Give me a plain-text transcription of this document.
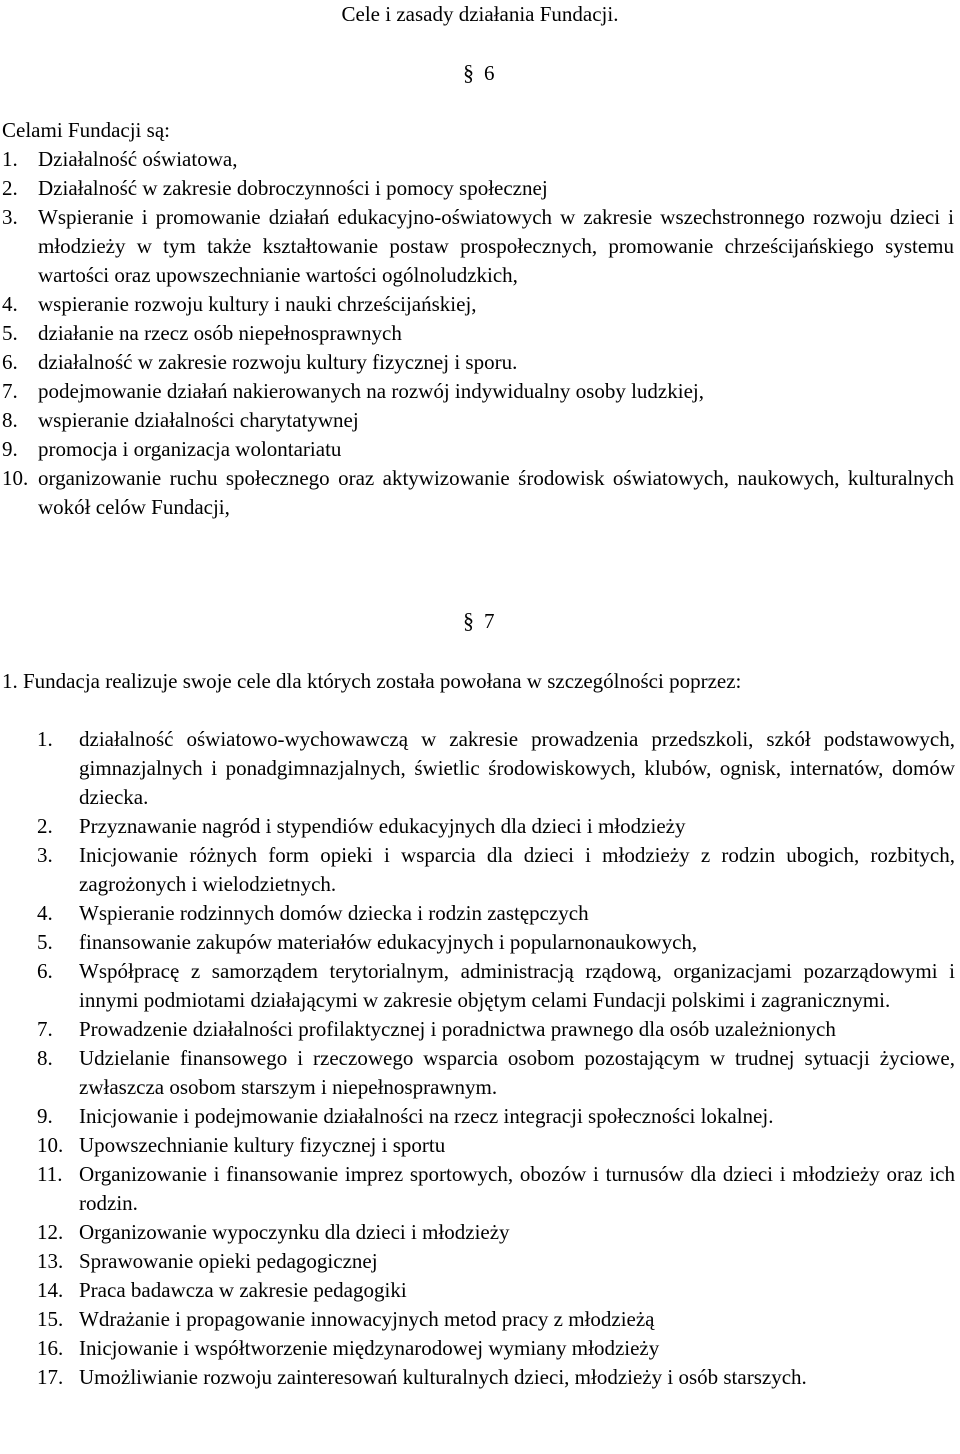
Cele i zasady działania Fundacji.
§ 6

Celami Fundacji są:

1. Działalność oświatowa,
2. Działalność w zakresie dobroczynności i pomocy społecznej
3. Wspieranie i promowanie działań edukacyjno-oświatowych w zakresie wszechstronnego rozwoju dzieci i młodzieży w tym także kształtowanie postaw prospołecznych, promowanie chrześcijańskiego systemu wartości oraz upowszechnianie wartości ogólnoludzkich,
4. wspieranie rozwoju kultury i nauki chrześcijańskiej,
5. działanie na rzecz osób niepełnosprawnych
6. działalność w zakresie rozwoju kultury fizycznej i sporu.
7. podejmowanie działań nakierowanych na rozwój indywidualny osoby ludzkiej,
8. wspieranie działalności charytatywnej
9. promocja i organizacja wolontariatu
10. organizowanie ruchu społecznego oraz aktywizowanie środowisk oświatowych, naukowych, kulturalnych wokół celów Fundacji,
§ 7

1. Fundacja realizuje swoje cele dla których została powołana w szczególności poprzez:

1. działalność oświatowo-wychowawczą w zakresie prowadzenia przedszkoli, szkół podstawowych, gimnazjalnych i ponadgimnazjalnych, świetlic środowiskowych, klubów, ognisk, internatów, domów dziecka.
2. Przyznawanie nagród i stypendiów edukacyjnych dla dzieci i młodzieży
3. Inicjowanie różnych form opieki i wsparcia dla dzieci i młodzieży z rodzin ubogich, rozbitych, zagrożonych i wielodzietnych.
4. Wspieranie rodzinnych domów dziecka i rodzin zastępczych
5. finansowanie zakupów materiałów edukacyjnych i popularnonaukowych,
6. Współpracę z samorządem terytorialnym, administracją rządową, organizacjami pozarządowymi i innymi podmiotami działającymi w zakresie objętym celami Fundacji polskimi i zagranicznymi.
7. Prowadzenie działalności profilaktycznej i poradnictwa prawnego dla osób uzależnionych
8. Udzielanie finansowego i rzeczowego wsparcia osobom pozostającym w trudnej sytuacji życiowe, zwłaszcza osobom starszym i niepełnosprawnym.
9. Inicjowanie i podejmowanie działalności na rzecz integracji społeczności lokalnej.
10. Upowszechnianie kultury fizycznej i sportu
11. Organizowanie i finansowanie imprez sportowych, obozów i turnusów dla dzieci i młodzieży oraz ich rodzin.
12. Organizowanie wypoczynku dla dzieci i młodzieży
13. Sprawowanie opieki pedagogicznej
14. Praca badawcza w zakresie pedagogiki
15. Wdrażanie i propagowanie innowacyjnych metod pracy z młodzieżą
16. Inicjowanie i współtworzenie międzynarodowej wymiany młodzieży
17. Umożliwianie rozwoju zainteresowań kulturalnych dzieci, młodzieży i osób starszych.
